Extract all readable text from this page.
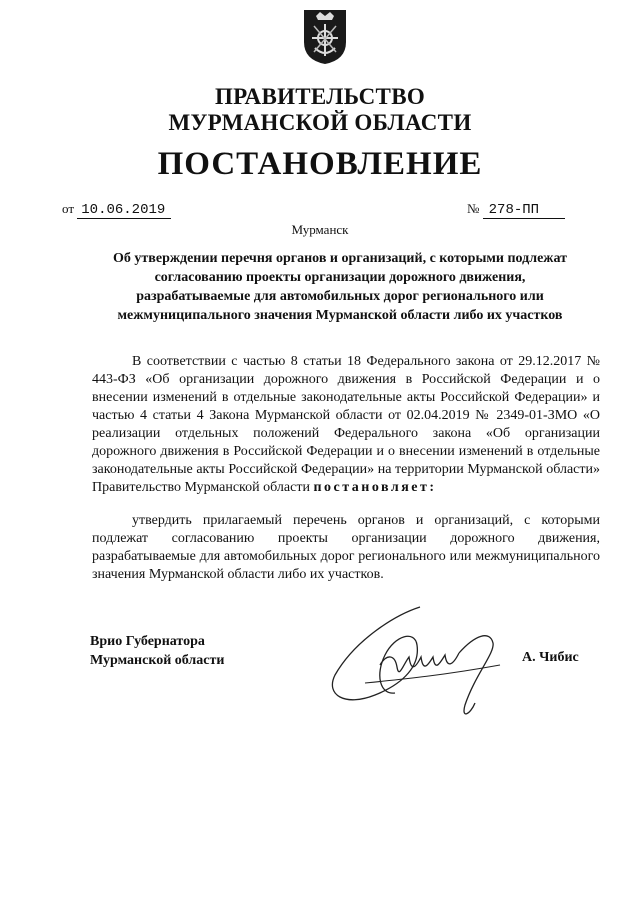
ПРАВИТЕЛЬСТВО
МУРМАНСКОЙ ОБЛАСТИ
ПОСТАНОВЛЕНИЕ
от 10.06.2019	№ 278-ПП
Мурманск
Об утверждении перечня органов и организаций, с которыми подлежат
согласованию проекты организации дорожного движения,
разрабатываемые для автомобильных дорог регионального или
межмуниципального значения Мурманской области либо их участков
В соответствии с частью 8 статьи 18 Федерального закона от 29.12.2017 № 443-ФЗ «Об организации дорожного движения в Российской Федерации и о внесении изменений в отдельные законодательные акты Российской Федерации» и частью 4 статьи 4 Закона Мурманской области от 02.04.2019 № 2349-01-ЗМО «О реализации отдельных положений Федерального закона «Об организации дорожного движения в Российской Федерации и о внесении изменений в отдельные законодательные акты Российской Федерации» на территории Мурманской области» Правительство Мурманской области постановляет:
утвердить прилагаемый перечень органов и организаций, с которыми подлежат согласованию проекты организации дорожного движения, разрабатываемые для автомобильных дорог регионального или межмуниципального значения Мурманской области либо их участков.
Врио Губернатора
Мурманской области	А. Чибис
